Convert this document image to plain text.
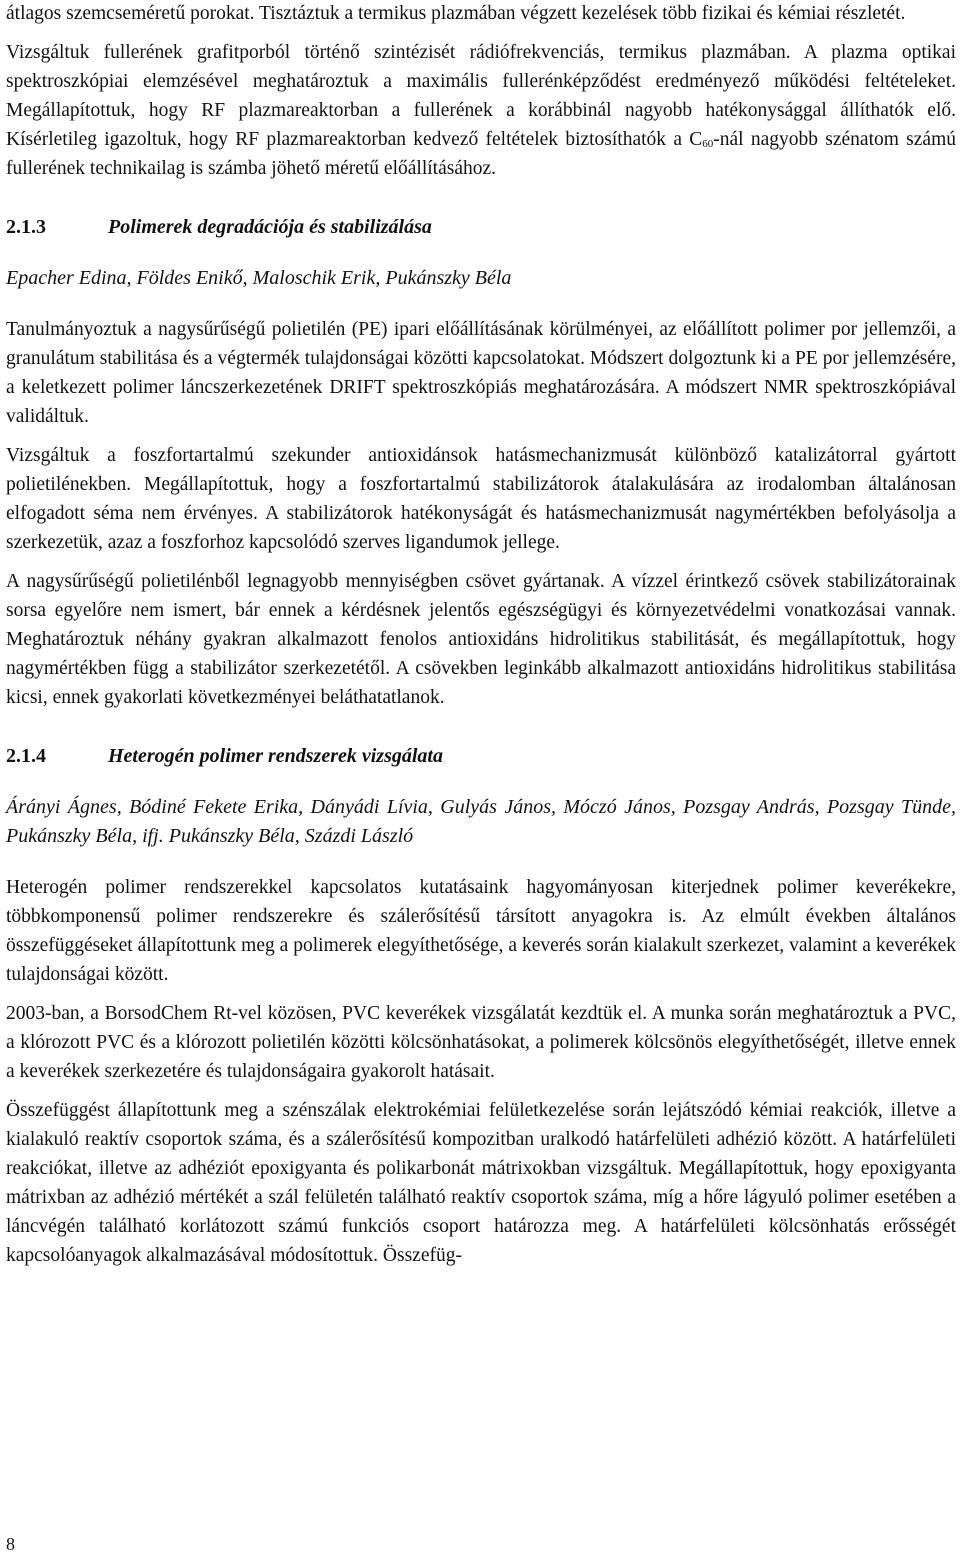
átlagos szemcseméretű porokat. Tisztáztuk a termikus plazmában végzett kezelések több fizikai és kémiai részletét.

Vizsgáltuk fullerének grafitporból történő szintézisét rádiófrekvenciás, termikus plazmában. A plazma optikai spektroszkópiai elemzésével meghatároztuk a maximális fullerénképződést eredményező működési feltételeket. Megállapítottuk, hogy RF plazmareaktorban a fullerének a korábbinál nagyobb hatékonysággal állíthatók elő. Kísérletileg igazoltuk, hogy RF plazmareaktorban kedvező feltételek biztosíthatók a $C_{60}$-nál nagyobb szénatom számú fullerének technikailag is számba jöhető méretű előállításához.

2.1.3	Polimerek degradációja és stabilizálása
Epacher Edina, Földes Enikő, Maloschik Erik, Pukánszky Béla

Tanulmányoztuk a nagysűrűségű polietilén (PE) ipari előállításának körülményei, az előállított polimer por jellemzői, a granulátum stabilitása és a végtermék tulajdonságai közötti kapcsolatokat. Módszert dolgoztunk ki a PE por jellemzésére, a keletkezett polimer láncszerkezetének DRIFT spektroszkópiás meghatározására. A módszert NMR spektroszkópiával validáltuk.

Vizsgáltuk a foszfortartalmú szekunder antioxidánsok hatásmechanizmusát különböző katalizátorral gyártott polietilénekben. Megállapítottuk, hogy a foszfortartalmú stabilizátorok átalakulására az irodalomban általánosan elfogadott séma nem érvényes. A stabilizátorok hatékonyságát és hatásmechanizmusát nagymértékben befolyásolja a szerkezetük, azaz a foszforhoz kapcsolódó szerves ligandumok jellege.

A nagysűrűségű polietilénből legnagyobb mennyiségben csövet gyártanak. A vízzel érintkező csövek stabilizátorainak sorsa egyelőre nem ismert, bár ennek a kérdésnek jelentős egészségügyi és környezetvédelmi vonatkozásai vannak. Meghatároztuk néhány gyakran alkalmazott fenolos antioxidáns hidrolitikus stabilitását, és megállapítottuk, hogy nagymértékben függ a stabilizátor szerkezetétől. A csövekben leginkább alkalmazott antioxidáns hidrolitikus stabilitása kicsi, ennek gyakorlati következményei beláthatatlanok.

2.1.4	Heterogén polimer rendszerek vizsgálata
Árányi Ágnes, Bódiné Fekete Erika, Dányádi Lívia, Gulyás János, Móczó János, Pozsgay András, Pozsgay Tünde, Pukánszky Béla, ifj. Pukánszky Béla, Százdi László

Heterogén polimer rendszerekkel kapcsolatos kutatásaink hagyományosan kiterjednek polimer keverékekre, többkomponensű polimer rendszerekre és szálerősítésű társított anyagokra is. Az elmúlt években általános összefüggéseket állapítottunk meg a polimerek elegyíthetősége, a keverés során kialakult szerkezet, valamint a keverékek tulajdonságai között.

2003-ban, a BorsodChem Rt-vel közösen, PVC keverékek vizsgálatát kezdtük el. A munka során meghatároztuk a PVC, a klórozott PVC és a klórozott polietilén közötti kölcsönhatásokat, a polimerek kölcsönös elegyíthetőségét, illetve ennek a keverékek szerkezetére és tulajdonságaira gyakorolt hatásait.

Összefüggést állapítottunk meg a szénszálak elektrokémiai felületkezelése során lejátszódó kémiai reakciók, illetve a kialakuló reaktív csoportok száma, és a szálerősítésű kompozitban uralkodó határfelületi adhézió között. A határfelületi reakciókat, illetve az adhéziót epoxigyanta és polikarbonát mátrixokban vizsgáltuk. Megállapítottuk, hogy epoxigyanta mátrixban az adhézió mértékét a szál felületén található reaktív csoportok száma, míg a hőre lágyuló polimer esetében a láncvégén található korlátozott számú funkciós csoport határozza meg. A határfelületi kölcsönhatás erősségét kapcsolóanyagok alkalmazásával módosítottuk. Összefüg-

8
